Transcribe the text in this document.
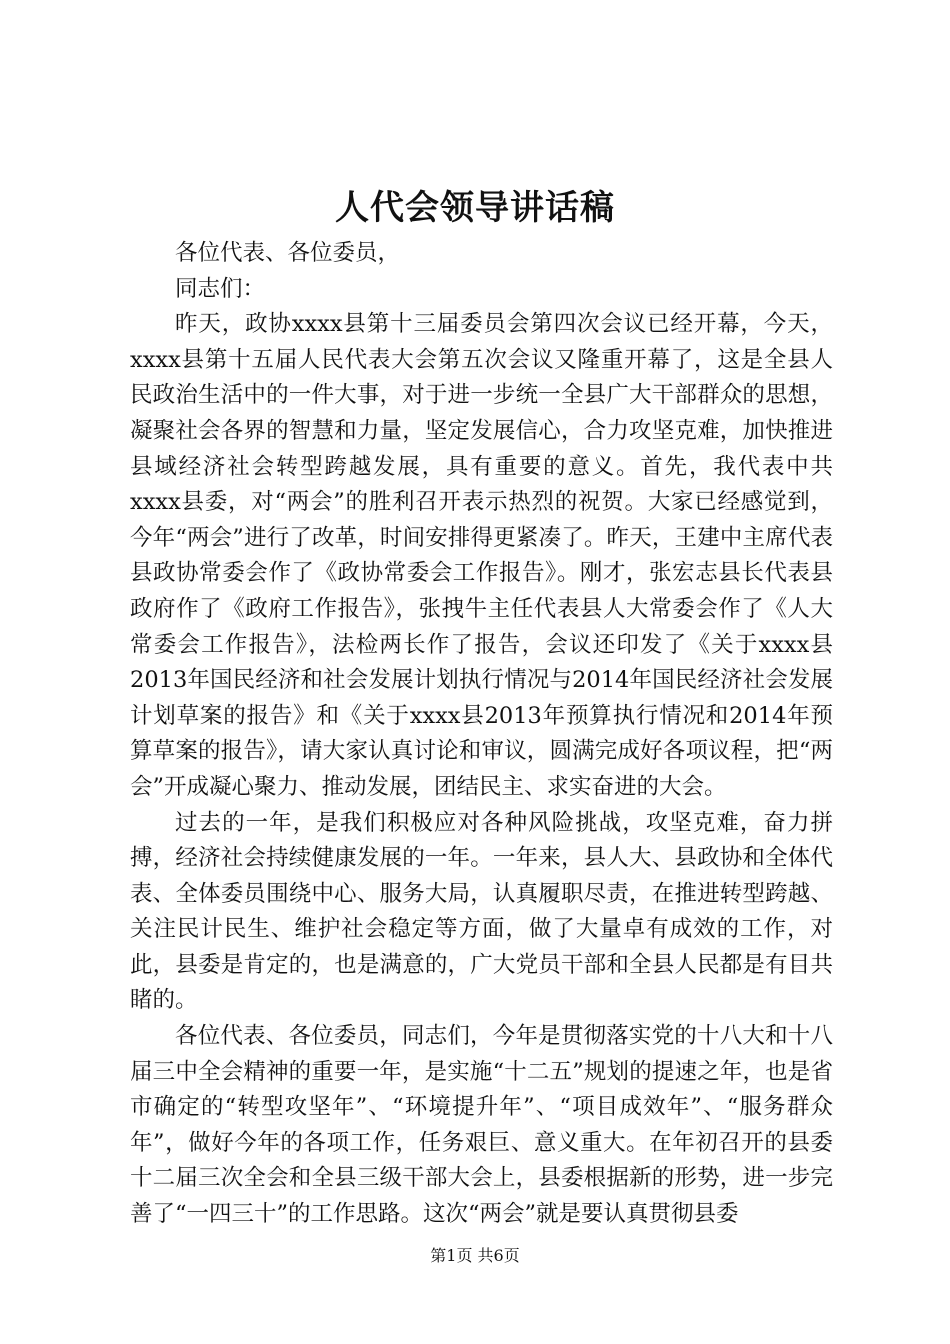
人代会领导讲话稿

各位代表、各位委员，

同志们：

昨天，政协xxxx县第十三届委员会第四次会议已经开幕，今天，xxxx县第十五届人民代表大会第五次会议又隆重开幕了，这是全县人民政治生活中的一件大事，对于进一步统一全县广大干部群众的思想，凝聚社会各界的智慧和力量，坚定发展信心，合力攻坚克难，加快推进县域经济社会转型跨越发展，具有重要的意义。首先，我代表中共xxxx县委，对“两会”的胜利召开表示热烈的祝贺。大家已经感觉到，今年“两会”进行了改革，时间安排得更紧凑了。昨天，王建中主席代表县政协常委会作了《政协常委会工作报告》。刚才，张宏志县长代表县政府作了《政府工作报告》，张拽牛主任代表县人大常委会作了《人大常委会工作报告》，法检两长作了报告，会议还印发了《关于xxxx县2013年国民经济和社会发展计划执行情况与2014年国民经济社会发展计划草案的报告》和《关于xxxx县2013年预算执行情况和2014年预算草案的报告》，请大家认真讨论和审议，圆满完成好各项议程，把“两会”开成凝心聚力、推动发展，团结民主、求实奋进的大会。

过去的一年，是我们积极应对各种风险挑战，攻坚克难，奋力拼搏，经济社会持续健康发展的一年。一年来，县人大、县政协和全体代表、全体委员围绕中心、服务大局，认真履职尽责，在推进转型跨越、关注民计民生、维护社会稳定等方面，做了大量卓有成效的工作，对此，县委是肯定的，也是满意的，广大党员干部和全县人民都是有目共睹的。

各位代表、各位委员，同志们，今年是贯彻落实党的十八大和十八届三中全会精神的重要一年，是实施“十二五”规划的提速之年，也是省市确定的“转型攻坚年”、“环境提升年”、“项目成效年”、“服务群众年”，做好今年的各项工作，任务艰巨、意义重大。在年初召开的县委十二届三次全会和全县三级干部大会上，县委根据新的形势，进一步完善了“一四三十”的工作思路。这次“两会”就是要认真贯彻县委

第1页 共6页
